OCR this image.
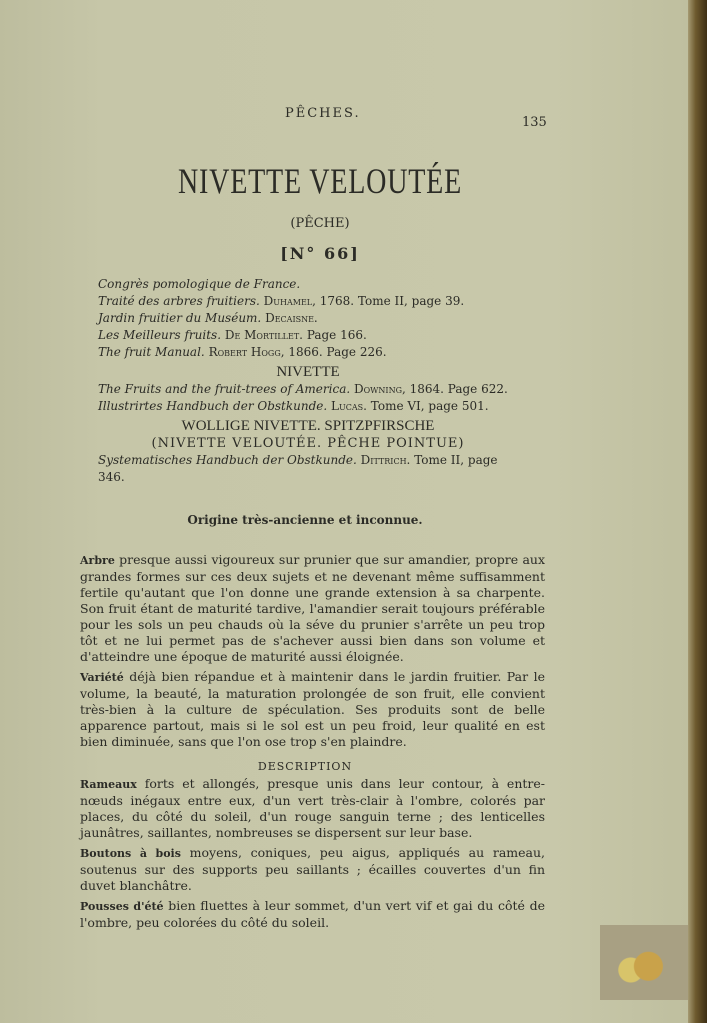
PÊCHES.
135
NIVETTE VELOUTÉE
(PÊCHE)
[N° 66]
Congrès pomologique de France.
Traité des arbres fruitiers. Duhamel, 1768. Tome II, page 39.
Jardin fruitier du Muséum. Decaisne.
Les Meilleurs fruits. De Mortillet. Page 166.
The fruit Manual. Robert Hogg, 1866. Page 226.
NIVETTE
The Fruits and the fruit-trees of America. Downing, 1864. Page 622.
Illustrirtes Handbuch der Obstkunde. Lucas. Tome VI, page 501.
WOLLIGE NIVETTE. SPITZPFIRSCHE
(NIVETTE VELOUTÉE. PÊCHE POINTUE)
Systematisches Handbuch der Obstkunde. Dittrich. Tome II, page 346.
Origine très-ancienne et inconnue.

Arbre presque aussi vigoureux sur prunier que sur amandier, propre aux grandes formes sur ces deux sujets et ne devenant même suffisamment fertile qu'autant que l'on donne une grande extension à sa charpente. Son fruit étant de maturité tardive, l'amandier serait toujours préférable pour les sols un peu chauds où la séve du prunier s'arrête un peu trop tôt et ne lui permet pas de s'achever aussi bien dans son volume et d'atteindre une époque de maturité aussi éloignée.

Variété déjà bien répandue et à maintenir dans le jardin fruitier. Par le volume, la beauté, la maturation prolongée de son fruit, elle convient très-bien à la culture de spéculation. Ses produits sont de belle apparence partout, mais si le sol est un peu froid, leur qualité en est bien diminuée, sans que l'on ose trop s'en plaindre.

DESCRIPTION

Rameaux forts et allongés, presque unis dans leur contour, à entre-nœuds inégaux entre eux, d'un vert très-clair à l'ombre, colorés par places, du côté du soleil, d'un rouge sanguin terne ; des lenticelles jaunâtres, saillantes, nombreuses se dispersent sur leur base.

Boutons à bois moyens, coniques, peu aigus, appliqués au rameau, soutenus sur des supports peu saillants ; écailles couvertes d'un fin duvet blanchâtre.

Pousses d'été bien fluettes à leur sommet, d'un vert vif et gai du côté de l'ombre, peu colorées du côté du soleil.
